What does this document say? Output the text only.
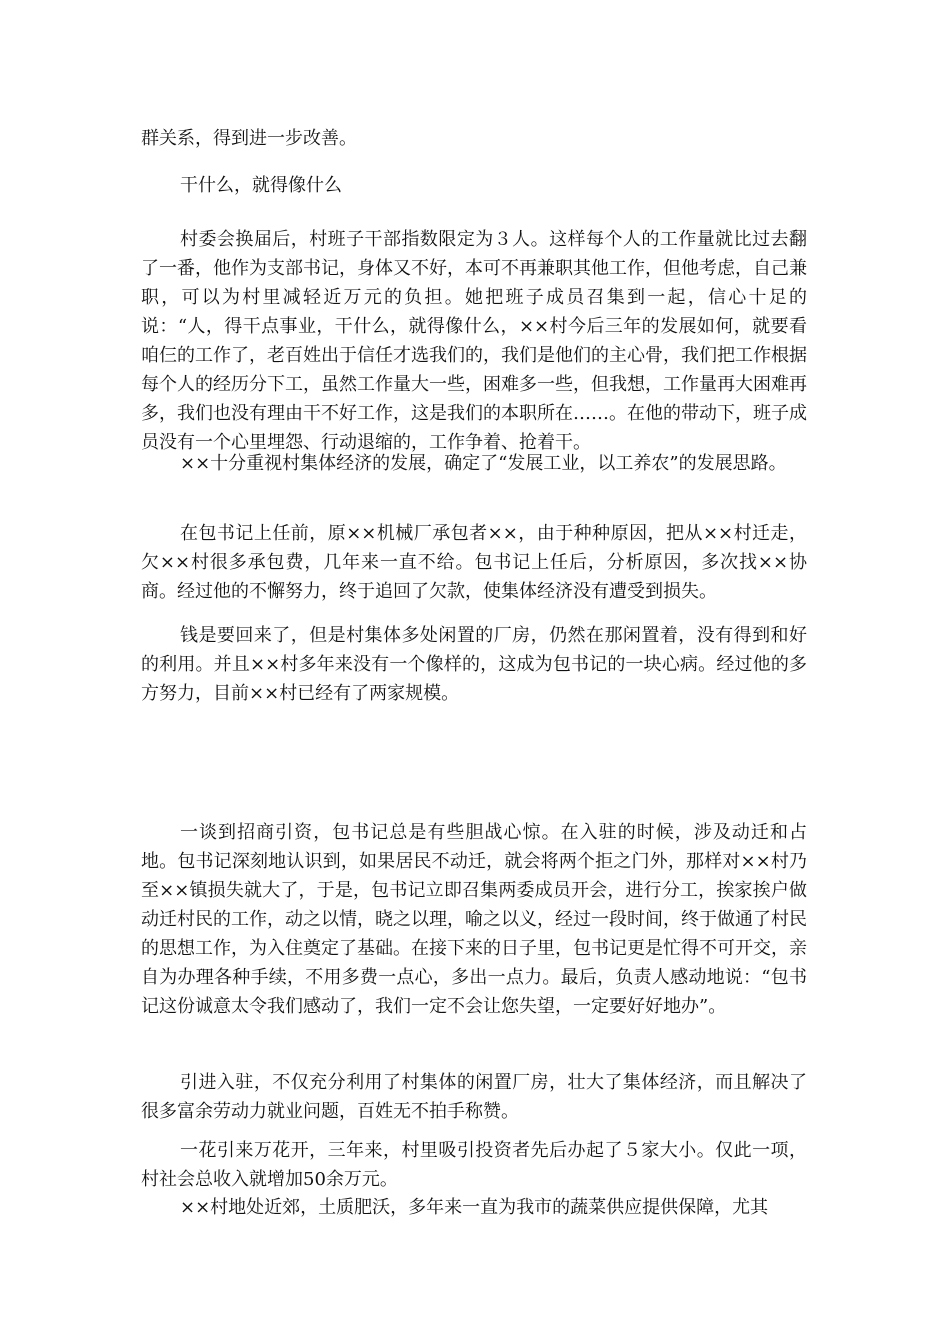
群关系，得到进一步改善。

干什么，就得像什么

村委会换届后，村班子干部指数限定为３人。这样每个人的工作量就比过去翻了一番，他作为支部书记，身体又不好，本可不再兼职其他工作，但他考虑，自己兼职，可以为村里减轻近万元的负担。她把班子成员召集到一起，信心十足的说：“人，得干点事业，干什么，就得像什么，××村今后三年的发展如何，就要看咱仨的工作了，老百姓出于信任才选我们的，我们是他们的主心骨，我们把工作根据每个人的经历分下工，虽然工作量大一些，困难多一些，但我想，工作量再大困难再多，我们也没有理由干不好工作，这是我们的本职所在……。在他的带动下，班子成员没有一个心里埋怨、行动退缩的，工作争着、抢着干。

××十分重视村集体经济的发展，确定了“发展工业，以工养农”的发展思路。

在包书记上任前，原××机械厂承包者××，由于种种原因，把从××村迁走，欠××村很多承包费，几年来一直不给。包书记上任后，分析原因，多次找××协商。经过他的不懈努力，终于追回了欠款，使集体经济没有遭受到损失。

钱是要回来了，但是村集体多处闲置的厂房，仍然在那闲置着，没有得到和好的利用。并且××村多年来没有一个像样的，这成为包书记的一块心病。经过他的多方努力，目前××村已经有了两家规模。

一谈到招商引资，包书记总是有些胆战心惊。在入驻的时候，涉及动迁和占地。包书记深刻地认识到，如果居民不动迁，就会将两个拒之门外，那样对××村乃至××镇损失就大了，于是，包书记立即召集两委成员开会，进行分工，挨家挨户做动迁村民的工作，动之以情，晓之以理，喻之以义，经过一段时间，终于做通了村民的思想工作，为入住奠定了基础。在接下来的日子里，包书记更是忙得不可开交，亲自为办理各种手续，不用多费一点心，多出一点力。最后，负责人感动地说：“包书记这份诚意太令我们感动了，我们一定不会让您失望，一定要好好地办”。

引进入驻，不仅充分利用了村集体的闲置厂房，壮大了集体经济，而且解决了很多富余劳动力就业问题，百姓无不拍手称赞。

一花引来万花开，三年来，村里吸引投资者先后办起了５家大小。仅此一项，村社会总收入就增加50余万元。

××村地处近郊，土质肥沃，多年来一直为我市的蔬菜供应提供保障，尤其
